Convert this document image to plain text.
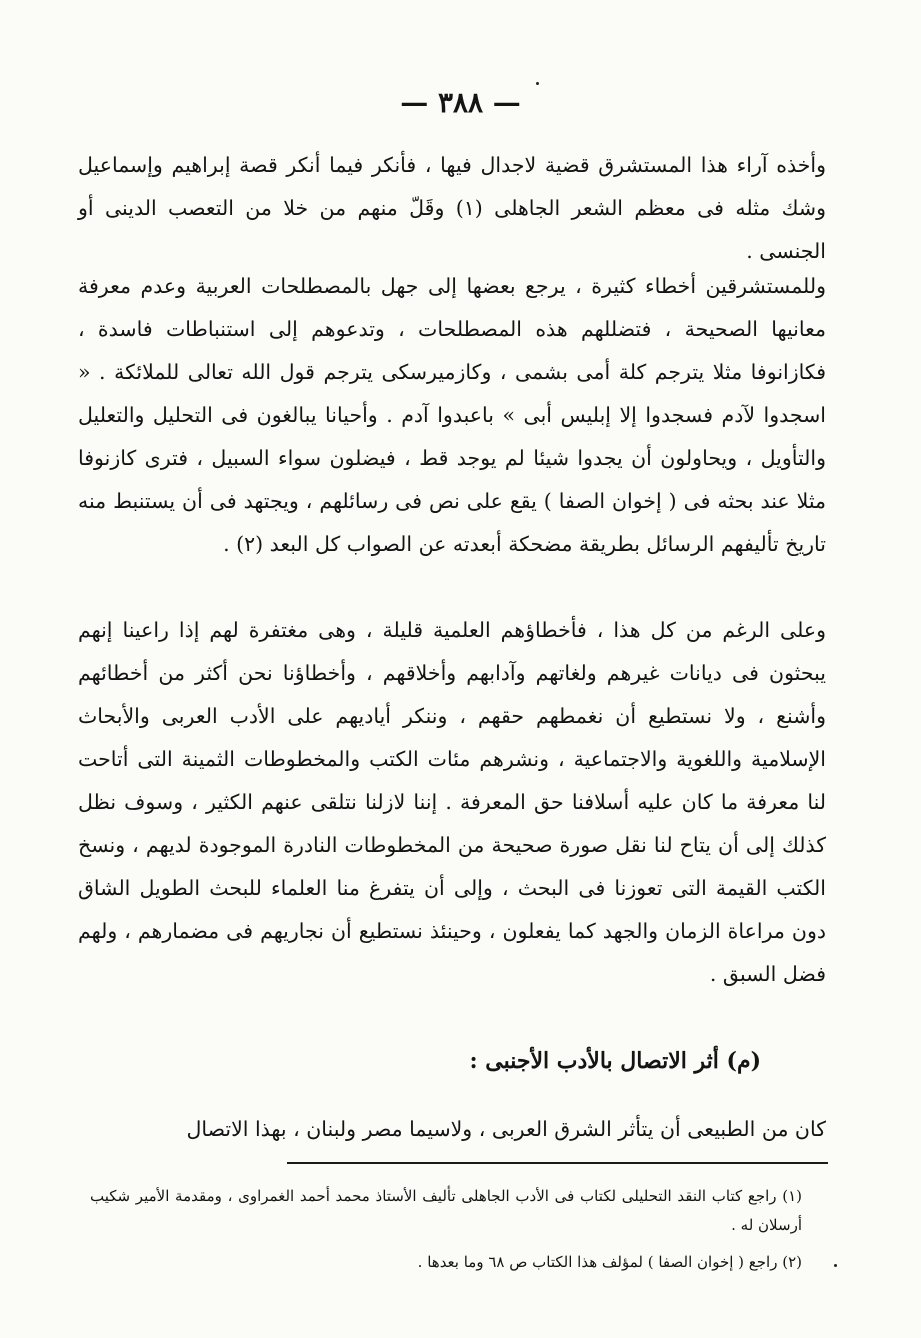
— ٣٨٨ —

وأخذه آراء هذا المستشرق قضية لاجدال فيها ، فأنكر فيما أنكر قصة إبراهيم وإسماعيل وشك مثله فى معظم الشعر الجاهلى (١) وقَلّ منهم من خلا من التعصب الدينى أو الجنسى .

وللمستشرقين أخطاء كثيرة ، يرجع بعضها إلى جهل بالمصطلحات العربية وعدم معرفة معانيها الصحيحة ، فتضللهم هذه المصطلحات ، وتدعوهم إلى استنباطات فاسدة ، فكازانوفا مثلا يترجم كلة أمى بشمى ، وكازميرسكى يترجم قول الله تعالى للملائكة . « اسجدوا لآدم فسجدوا إلا إبليس أبى » باعبدوا آدم . وأحيانا يبالغون فى التحليل والتعليل والتأويل ، ويحاولون أن يجدوا شيئا لم يوجد قط ، فيضلون سواء السبيل ، فترى كازنوفا مثلا عند بحثه فى ( إخوان الصفا ) يقع على نص فى رسائلهم ، ويجتهد فى أن يستنبط منه تاريخ تأليفهم الرسائل بطريقة مضحكة أبعدته عن الصواب كل البعد (٢) .

وعلى الرغم من كل هذا ، فأخطاؤهم العلمية قليلة ، وهى مغتفرة لهم إذا راعينا إنهم يبحثون فى ديانات غيرهم ولغاتهم وآدابهم وأخلاقهم ، وأخطاؤنا نحن أكثر من أخطائهم وأشنع ، ولا نستطيع أن نغمطهم حقهم ، وننكر أياديهم على الأدب العربى والأبحاث الإسلامية واللغوية والاجتماعية ، ونشرهم مئات الكتب والمخطوطات الثمينة التى أتاحت لنا معرفة ما كان عليه أسلافنا حق المعرفة . إننا لازلنا نتلقى عنهم الكثير ، وسوف نظل كذلك إلى أن يتاح لنا نقل صورة صحيحة من المخطوطات النادرة الموجودة لديهم ، ونسخ الكتب القيمة التى تعوزنا فى البحث ، وإلى أن يتفرغ منا العلماء للبحث الطويل الشاق دون مراعاة الزمان والجهد كما يفعلون ، وحينئذ نستطيع أن نجاريهم فى مضمارهم ، ولهم فضل السبق .

(م) أثر الاتصال بالأدب الأجنبى :

كان من الطبيعى أن يتأثر الشرق العربى ، ولاسيما مصر ولبنان ، بهذا الاتصال

(١) راجع كتاب النقد التحليلى لكتاب فى الأدب الجاهلى تأليف الأستاذ محمد أحمد الغمراوى ، ومقدمة الأمير شكيب أرسلان له .

(٢) راجع ( إخوان الصفا ) لمؤلف هذا الكتاب ص ٦٨ وما بعدها .
